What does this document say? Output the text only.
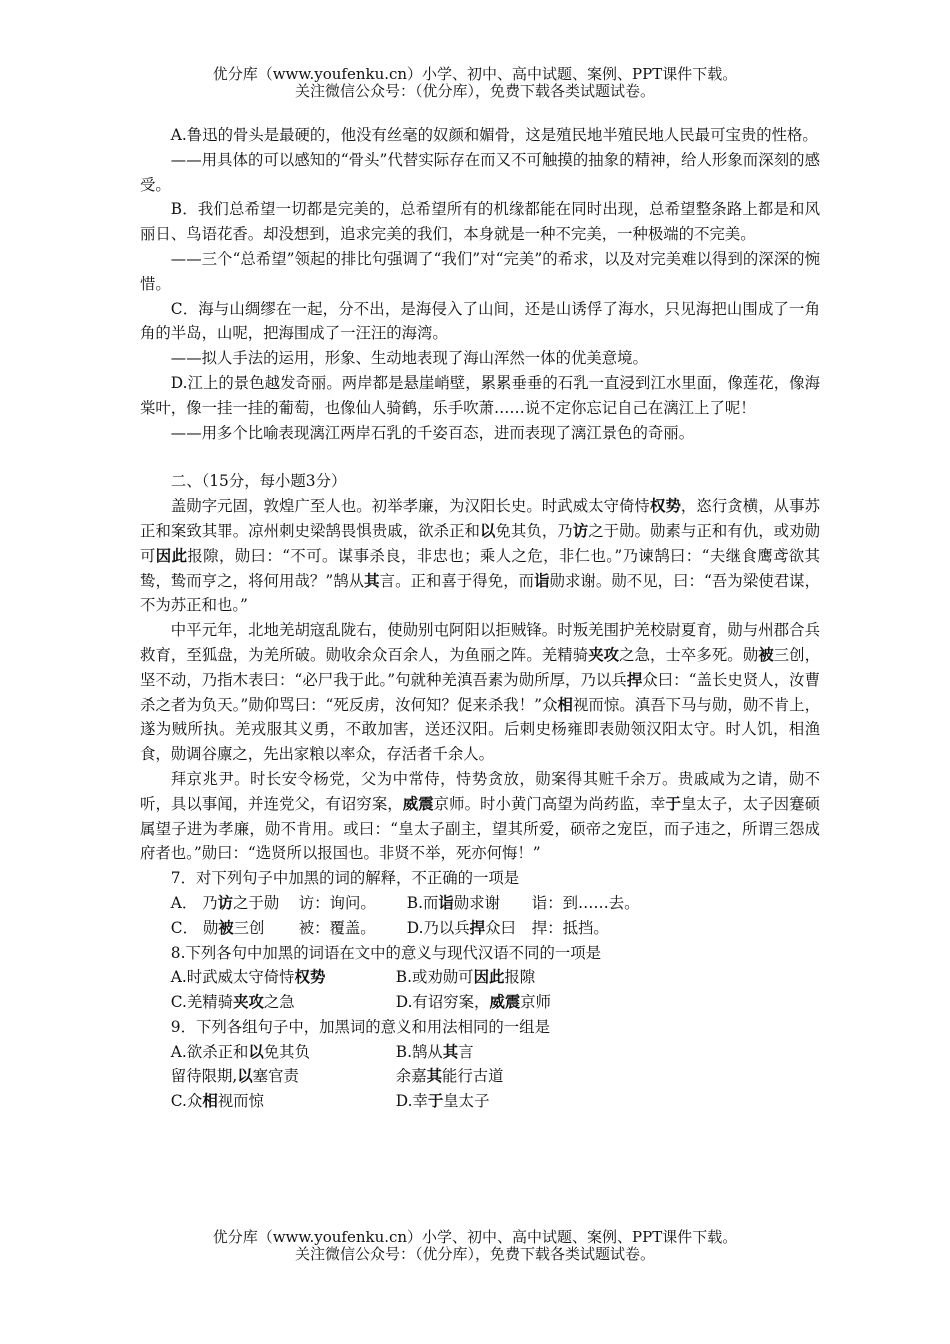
优分库（www.youfenku.cn）小学、初中、高中试题、案例、PPT课件下载。
关注微信公众号：（优分库），免费下载各类试题试卷。

A.鲁迅的骨头是最硬的，他没有丝毫的奴颜和媚骨，这是殖民地半殖民地人民最可宝贵的性格。

——用具体的可以感知的“骨头”代替实际存在而又不可触摸的抽象的精神，给人形象而深刻的感受。

B．我们总希望一切都是完美的，总希望所有的机缘都能在同时出现，总希望整条路上都是和风丽日、鸟语花香。却没想到，追求完美的我们，本身就是一种不完美，一种极端的不完美。

——三个“总希望”领起的排比句强调了“我们”对“完美”的希求，以及对完美难以得到的深深的惋惜。

C．海与山绸缪在一起，分不出，是海侵入了山间，还是山诱俘了海水，只见海把山围成了一角角的半岛，山呢，把海围成了一汪汪的海湾。

——拟人手法的运用，形象、生动地表现了海山浑然一体的优美意境。

D.江上的景色越发奇丽。两岸都是悬崖峭壁，累累垂垂的石乳一直浸到江水里面，像莲花，像海棠叶，像一挂一挂的葡萄，也像仙人骑鹤，乐手吹萧……说不定你忘记自己在漓江上了呢！

——用多个比喻表现漓江两岸石乳的千姿百态，进而表现了漓江景色的奇丽。

二、（15分，每小题3分）

盖勋字元固，敦煌广至人也。初举孝廉，为汉阳长史。时武威太守倚恃权势，恣行贪横，从事苏正和案致其罪。凉州刺史梁鹄畏惧贵戚，欲杀正和以免其负，乃访之于勋。勋素与正和有仇，或劝勋可因此报隙，勋曰：“不可。谋事杀良，非忠也；乘人之危，非仁也。”乃谏鹄曰：“夫继食鹰鸢欲其鸷，鸷而亨之，将何用哉？”鹄从其言。正和喜于得免，而诣勋求谢。勋不见，曰：“吾为梁使君谋，不为苏正和也。”

中平元年，北地羌胡寇乱陇右，使勋别屯阿阳以拒贼锋。时叛羌围护羌校尉夏育，勋与州郡合兵救育，至狐盘，为羌所破。勋收余众百余人，为鱼丽之阵。羌精骑夹攻之急，士卒多死。勋被三创，坚不动，乃指木表曰：“必尸我于此。”句就种羌滇吾素为勋所厚，乃以兵捍众曰：“盖长史贤人，汝曹杀之者为负天。”勋仰骂曰：“死反虏，汝何知？促来杀我！”众相视而惊。滇吾下马与勋，勋不肯上，遂为贼所执。羌戎服其义勇，不敢加害，送还汉阳。后刺史杨雍即表勋领汉阳太守。时人饥，相渔食，勋调谷廪之，先出家粮以率众，存活者千余人。

拜京兆尹。时长安令杨党，父为中常侍，恃势贪放，勋案得其赃千余万。贵戚咸为之请，勋不听，具以事闻，并连党父，有诏穷案，威震京师。时小黄门高望为尚药监，幸于皇太子，太子因蹇硕属望子进为孝廉，勋不肯用。或曰：“皇太子副主，望其所爱，硕帝之宠臣，而子违之，所谓三怨成府者也。”勋曰：“选贤所以报国也。非贤不举，死亦何悔！”

7．对下列句子中加黑的词的解释，不正确的一项是

A． 乃访之于勋 访：询问。 B.而诣勋求谢 诣：到……去。

C． 勋被三创 被：覆盖。 D.乃以兵捍众曰 捍：抵挡。

8.下列各句中加黑的词语在文中的意义与现代汉语不同的一项是

A.时武威太守倚恃权势	B.或劝勋可因此报隙

C.羌精骑夹攻之急	D.有诏穷案，威震京师

9．下列各组句子中，加黑词的意义和用法相同的一组是

A.欲杀正和以免其负	B.鹄从其言

留待限期,以塞官责	余嘉其能行古道

C.众相视而惊	D.幸于皇太子

优分库（www.youfenku.cn）小学、初中、高中试题、案例、PPT课件下载。
关注微信公众号：（优分库），免费下载各类试题试卷。
